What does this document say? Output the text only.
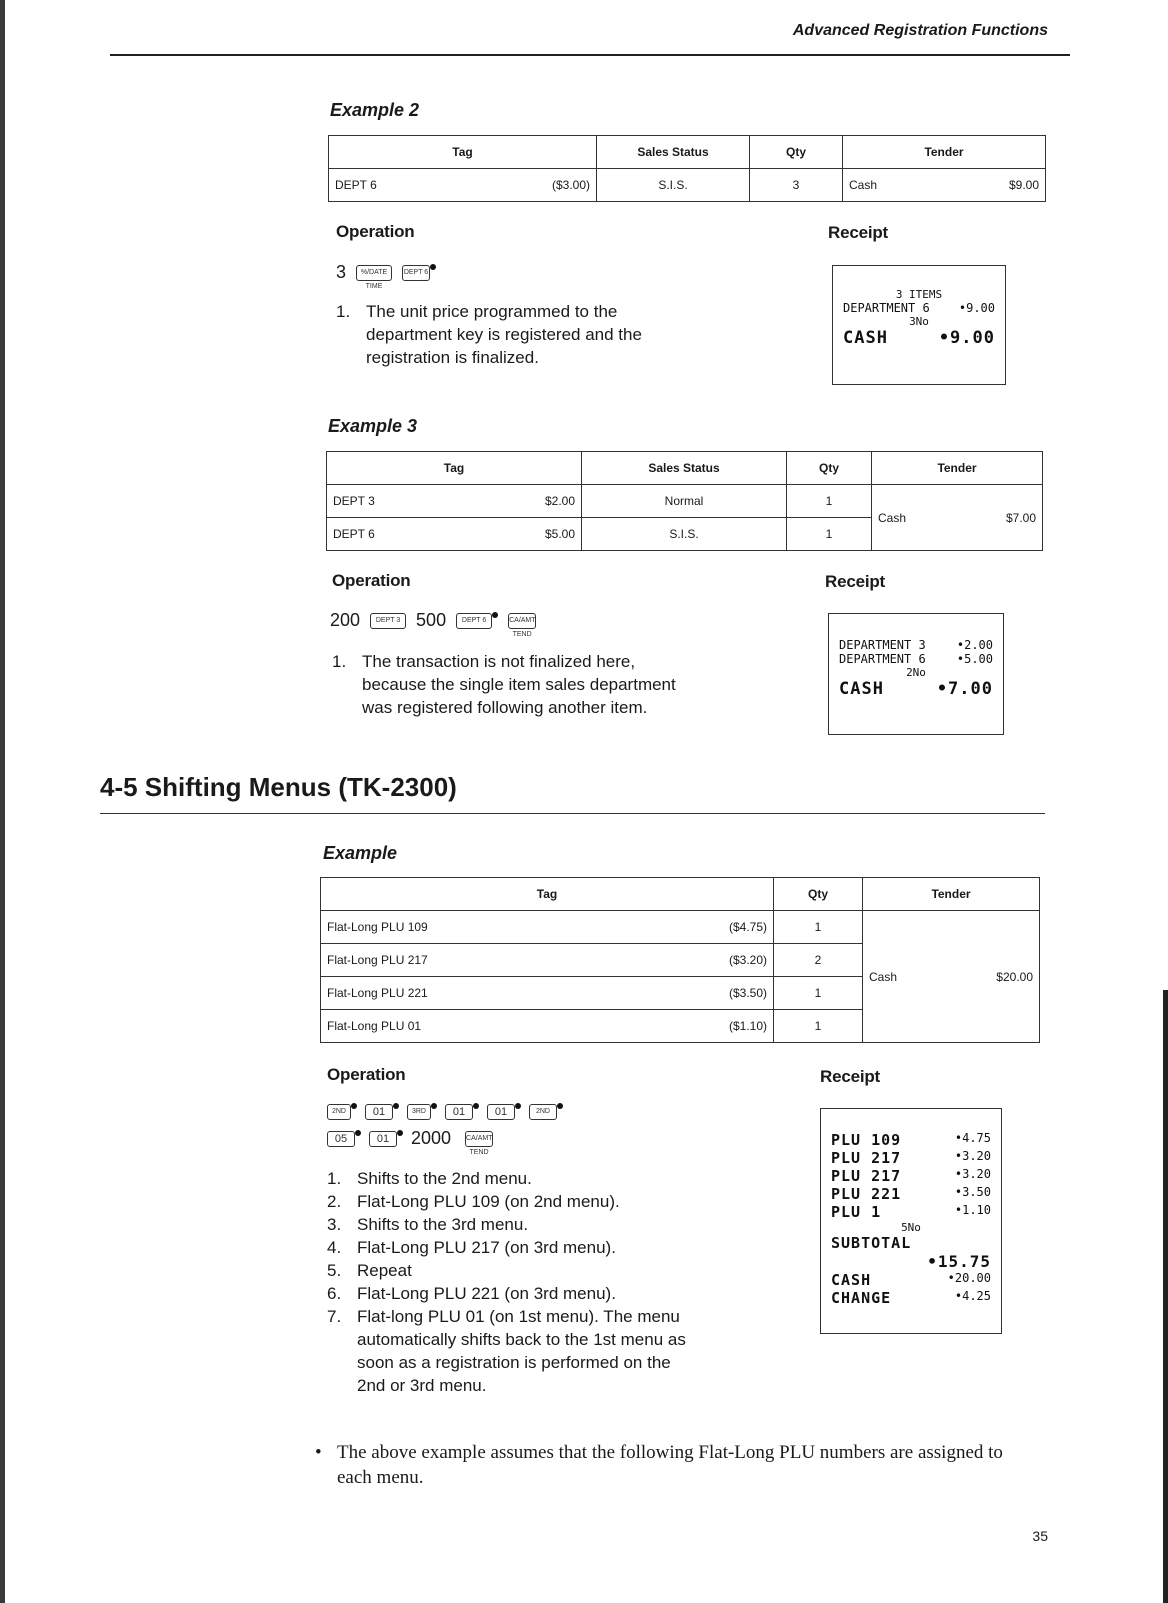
Advanced Registration Functions
Example 2
Tag	Sales Status	Qty	Tender

DEPT 6 ($3.00)	S.I.S.	3	Cash $9.00
Operation	Receipt
3	%/DATE TIME
DEPT 6
1. The unit price programmed to the department key is registered and the registration is finalized.
3 ITEMS
DEPARTMENT 6 •9.00
3No
CASH	•9.00
Example 3
Tag	Sales Status	Qty	Tender

DEPT 3 $2.00	Normal	1	Cash $7.00

DEPT 6 $5.00	S.I.S.	1	
Operation	Receipt
200	DEPT 3 500	DEPT 6	CA/AMT TEND
1. The transaction is not finalized here, because the single item sales department was registered following another item.
DEPARTMENT 3	•2.00
DEPARTMENT 6	•5.00
2No
CASH	•7.00
4-5 Shifting Menus (TK-2300)
Example
Tag	Qty	Tender

Flat-Long PLU 109 ($4.75)	1	Cash $20.00

Flat-Long PLU 217 ($3.20)	2	

Flat-Long PLU 221 ($3.50)	1	

Flat-Long PLU 01 ($1.10)	1	
Operation	Receipt
2ND	01	3RD	01	01	2ND
05	01	2000 CA/AMT TEND
1. Shifts to the 2nd menu.
2. Flat-Long PLU 109 (on 2nd menu).
3. Shifts to the 3rd menu.
4. Flat-Long PLU 217 (on 3rd menu).
5. Repeat
6. Flat-Long PLU 221 (on 3rd menu).
7. Flat-long PLU 01 (on 1st menu). The menu automatically shifts back to the 1st menu as soon as a registration is performed on the 2nd or 3rd menu.
PLU 109	•4.75
PLU 217	•3.20
PLU 217	•3.20
PLU 221	•3.50
PLU 1	•1.10
5No
SUBTOTAL
•15.75
CASH	•20.00
CHANGE	•4.25
• The above example assumes that the following Flat-Long PLU numbers are assigned to each menu.
35
